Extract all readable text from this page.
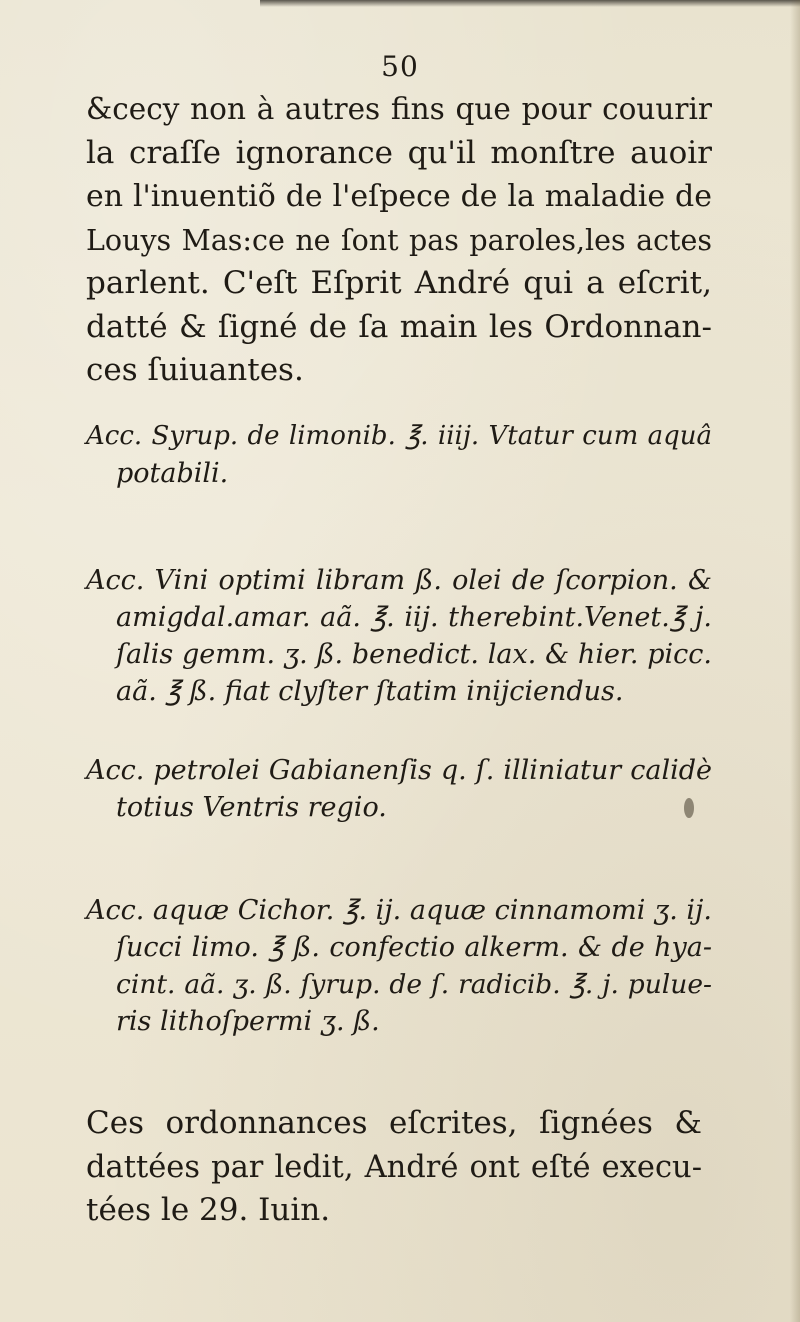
50
&cecy non à autres fins que pour couurir
la craſſe ignorance qu'il monſtre auoir
en l'inuentiõ de l'eſpece de la maladie de
Louys Mas:ce ne ſont pas paroles,les actes
parlent. C'eſt Eſprit André qui a eſcrit,
datté & ſigné de ſa main les Ordonnan-
ces ſuiuantes.
Acc. Syrup. de limonib. ℥. iiij. Vtatur cum aquâ
potabili.
Acc. Vini optimi libram ß. olei de ſcorpion. &
amigdal.amar. aã. ℥. iij. therebint.Venet.℥ j.
ſalis gemm. ʒ. ß. benedict. lax. & hier. picc.
aã. ℥ ß. fiat clyſter ſtatim inijciendus.
Acc. petrolei Gabianenſis q. ſ. illiniatur calidè
totius Ventris regio.
Acc. aquæ Cichor. ℥. ij. aquæ cinnamomi ʒ. ij.
ſucci limo. ℥ ß. confectio alkerm. & de hya-
cint. aã. ʒ. ß. ſyrup. de ſ. radicib. ℥. j. pulue-
ris lithoſpermi ʒ. ß.
Ces ordonnances eſcrites, ſignées &
dattées par ledit, André ont eſté execu-
tées le 29. Iuin.
